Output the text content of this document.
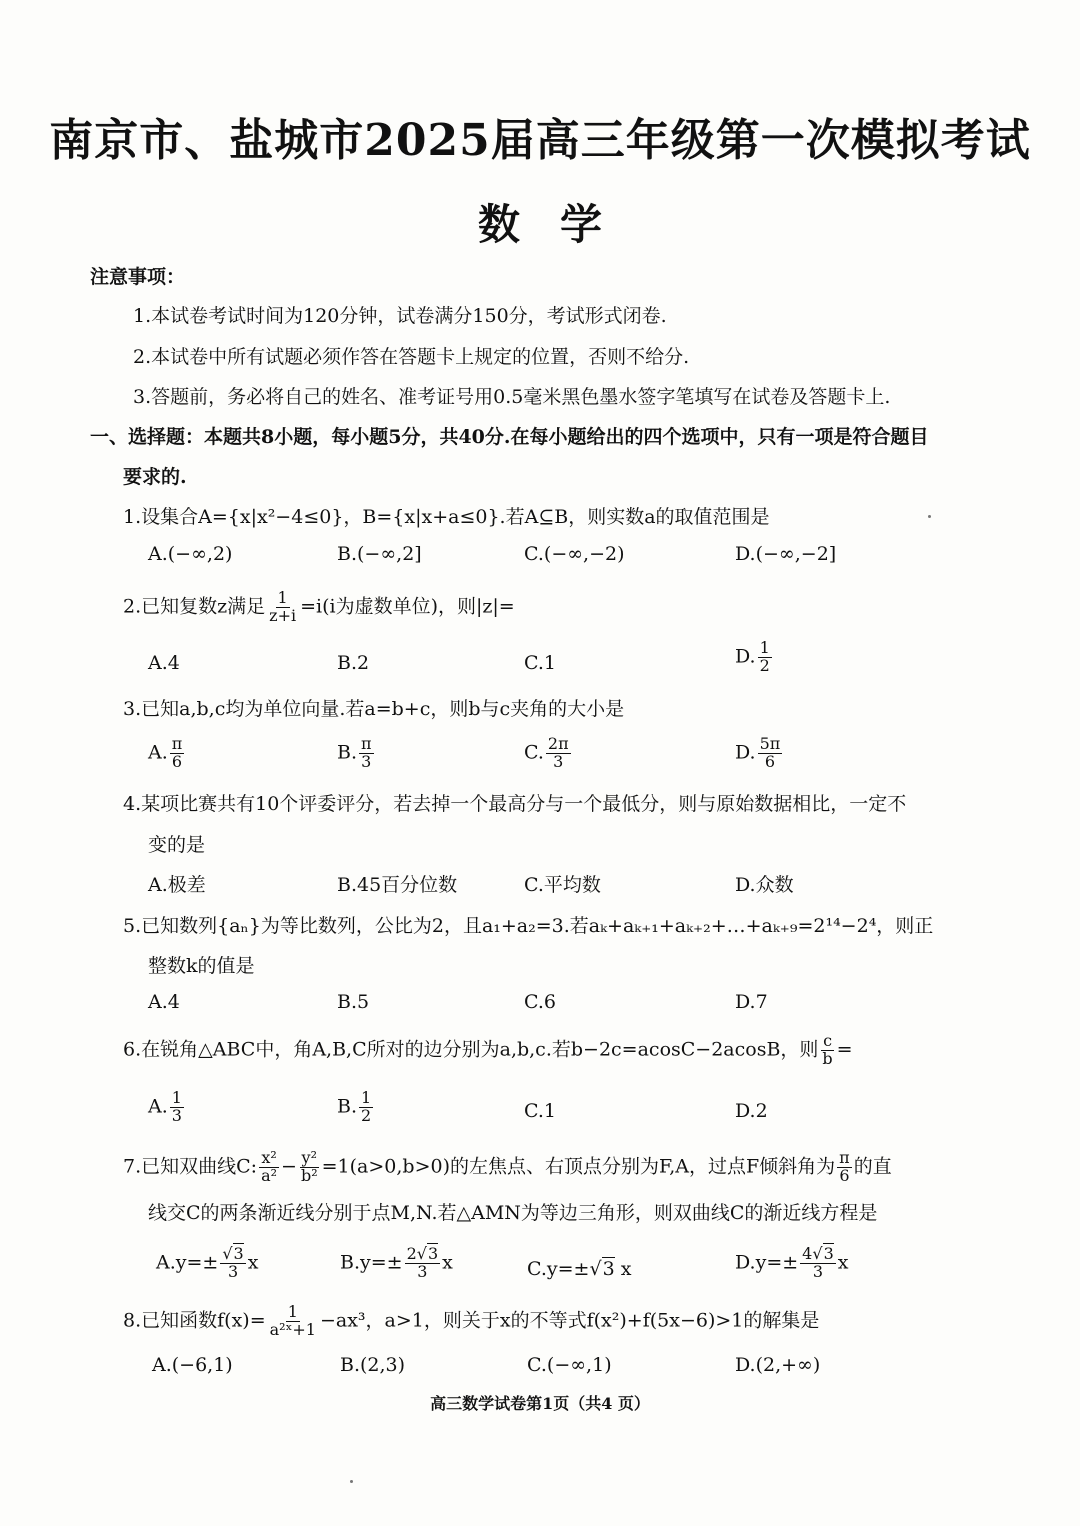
南京市、盐城市2025届高三年级第一次模拟考试
数学
注意事项：
1.本试卷考试时间为120分钟，试卷满分150分，考试形式闭卷.
2.本试卷中所有试题必须作答在答题卡上规定的位置，否则不给分.
3.答题前，务必将自己的姓名、准考证号用0.5毫米黑色墨水签字笔填写在试卷及答题卡上.
一、选择题：本题共8小题，每小题5分，共40分.在每小题给出的四个选项中，只有一项是符合题目
要求的.
1.设集合A={x|x²−4≤0}，B={x|x+a≤0}.若A⊆B，则实数a的取值范围是
A.(−∞,2)	B.(−∞,2]	C.(−∞,−2)	D.(−∞,−2]
2.已知复数z满足 $\frac{1}{z+i} =i(i$为虚数单位)，则|z|=
A.4	B.2	C.1	D. $\frac{1}{2}$
3.已知a,b,c均为单位向量.若a=b+c，则b与c夹角的大小是
A. $\frac{\pi}{6}$	B. $\frac{\pi}{3}$	C. $\frac{2\pi}{3}$	D. $\frac{5\pi}{6}$
4.某项比赛共有10个评委评分，若去掉一个最高分与一个最低分，则与原始数据相比，一定不
变的是
A.极差	B.45百分位数	C.平均数	D.众数
5.已知数列{aₙ}为等比数列，公比为2，且a₁+a₂=3.若aₖ+aₖ₊₁+aₖ₊₂+…+aₖ₊₉=2¹⁴−2⁴，则正
整数k的值是
A.4	B.5	C.6	D.7
6.在锐角△ABC中，角A,B,C所对的边分别为a,b,c.若b−2c=acosC−2acosB，则 $\frac{c}{b}$ =
A. $\frac{1}{3}$	B. $\frac{1}{2}$	C.1	D.2
7.已知双曲线C: $\frac{\text{x²}}{\text{a²}} - \frac{\text{y²}}{\text{b²}} =1(a>0,b>0)$的左焦点、右顶点分别为F,A，过点F倾斜角为 $\frac{\pi}{6}$ 的直
线交C的两条渐近线分别于点M,N.若△AMN为等边三角形，则双曲线C的渐近线方程是
$A.y=\pm \frac{√3}{3}$ x	$B.y=\pm \frac{2√3}{3}$ x	C.y=±√3 x	$D.y=\pm \frac{4√3}{3}$ x
8.已知函数$f(x)= \frac{1}{\text{a²ˣ+1}} -ax^3$，a>1，则关于x的不等式f(x²)+f(5x−6)>1的解集是
A.(−6,1)	B.(2,3)	C.(−∞,1)	D.(2,+∞)
高三数学试卷第1页（共4 页）
